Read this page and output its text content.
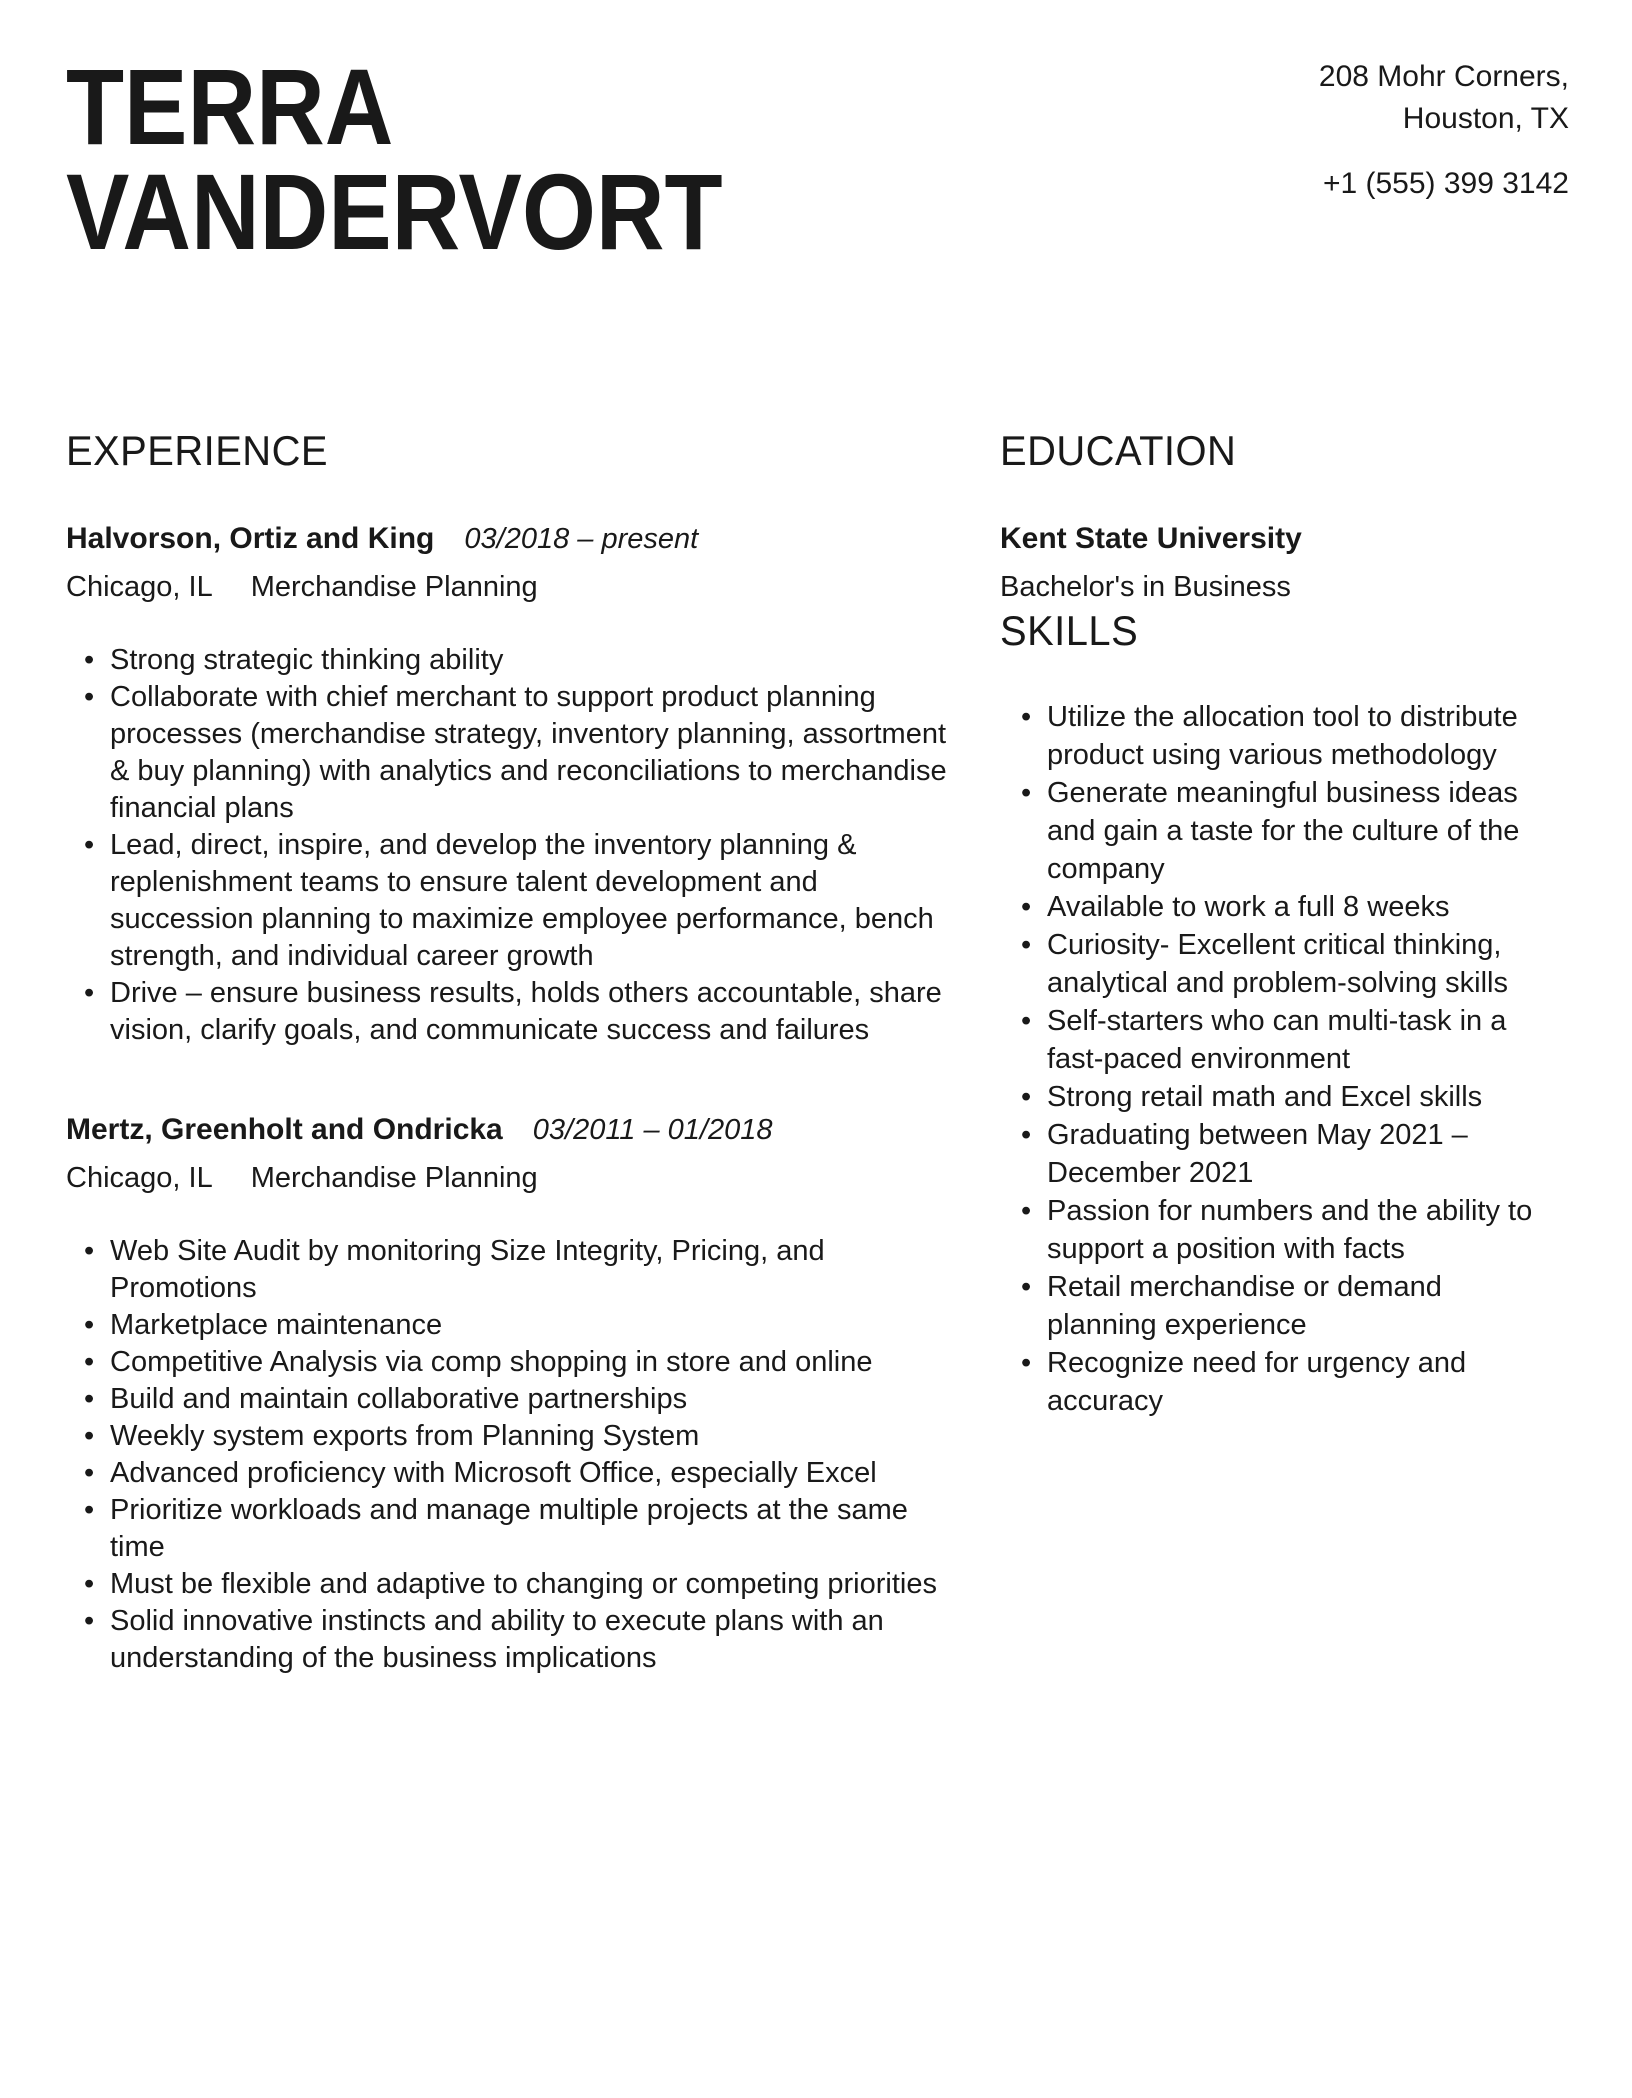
TERRA
VANDERVORT
208 Mohr Corners,
Houston, TX
+1 (555) 399 3142
EXPERIENCE
Halvorson, Ortiz and King 03/2018 – present
Chicago, IL Merchandise Planning
• Strong strategic thinking ability
• Collaborate with chief merchant to support product planning processes (merchandise strategy, inventory planning, assortment & buy planning) with analytics and reconciliations to merchandise financial plans
• Lead, direct, inspire, and develop the inventory planning & replenishment teams to ensure talent development and succession planning to maximize employee performance, bench strength, and individual career growth
• Drive – ensure business results, holds others accountable, share vision, clarify goals, and communicate success and failures
Mertz, Greenholt and Ondricka 03/2011 – 01/2018
Chicago, IL Merchandise Planning
• Web Site Audit by monitoring Size Integrity, Pricing, and Promotions
• Marketplace maintenance
• Competitive Analysis via comp shopping in store and online
• Build and maintain collaborative partnerships
• Weekly system exports from Planning System
• Advanced proficiency with Microsoft Office, especially Excel
• Prioritize workloads and manage multiple projects at the same time
• Must be flexible and adaptive to changing or competing priorities
• Solid innovative instincts and ability to execute plans with an understanding of the business implications
EDUCATION
Kent State University
Bachelor's in Business
SKILLS
• Utilize the allocation tool to distribute product using various methodology
• Generate meaningful business ideas and gain a taste for the culture of the company
• Available to work a full 8 weeks
• Curiosity- Excellent critical thinking, analytical and problem-solving skills
• Self-starters who can multi-task in a fast-paced environment
• Strong retail math and Excel skills
• Graduating between May 2021 – December 2021
• Passion for numbers and the ability to support a position with facts
• Retail merchandise or demand planning experience
• Recognize need for urgency and accuracy
